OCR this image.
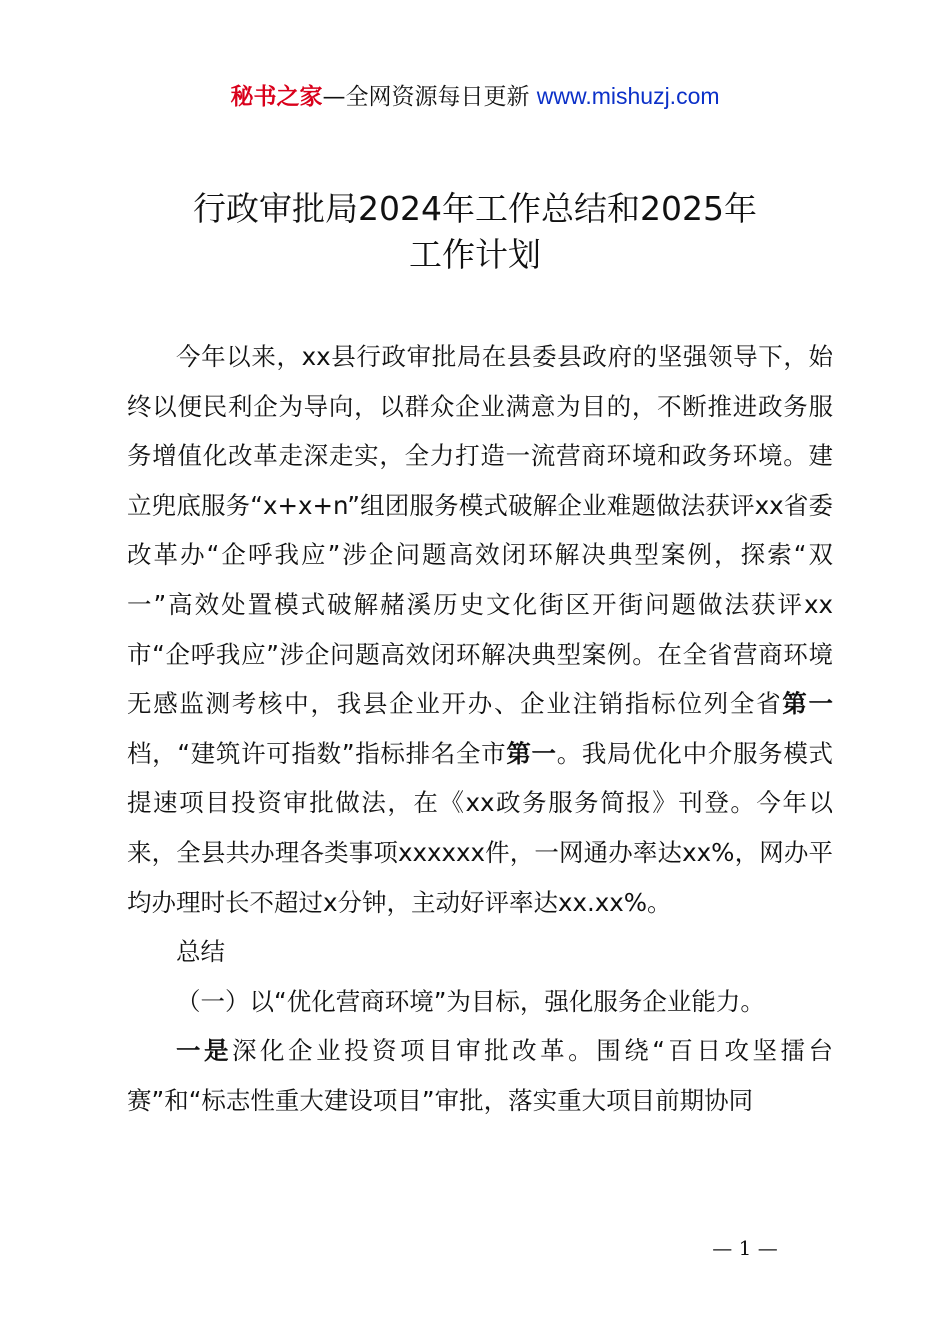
秘书之家—全网资源每日更新 www.mishuzj.com
行政审批局2024年工作总结和2025年
工作计划

今年以来，xx县行政审批局在县委县政府的坚强领导下，始终以便民利企为导向，以群众企业满意为目的，不断推进政务服务增值化改革走深走实，全力打造一流营商环境和政务环境。建立兜底服务“x+x+n”组团服务模式破解企业难题做法获评xx省委改革办“企呼我应”涉企问题高效闭环解决典型案例，探索“双一”高效处置模式破解赭溪历史文化街区开街问题做法获评xx市“企呼我应”涉企问题高效闭环解决典型案例。在全省营商环境无感监测考核中，我县企业开办、企业注销指标位列全省第一档，“建筑许可指数”指标排名全市第一。我局优化中介服务模式提速项目投资审批做法，在《xx政务服务简报》刊登。今年以来，全县共办理各类事项xxxxxx件，一网通办率达xx%，网办平均办理时长不超过x分钟，主动好评率达xx.xx%。

总结

（一）以“优化营商环境”为目标，强化服务企业能力。

一是深化企业投资项目审批改革。围绕“百日攻坚擂台赛”和“标志性重大建设项目”审批，落实重大项目前期协同

— 1 —
